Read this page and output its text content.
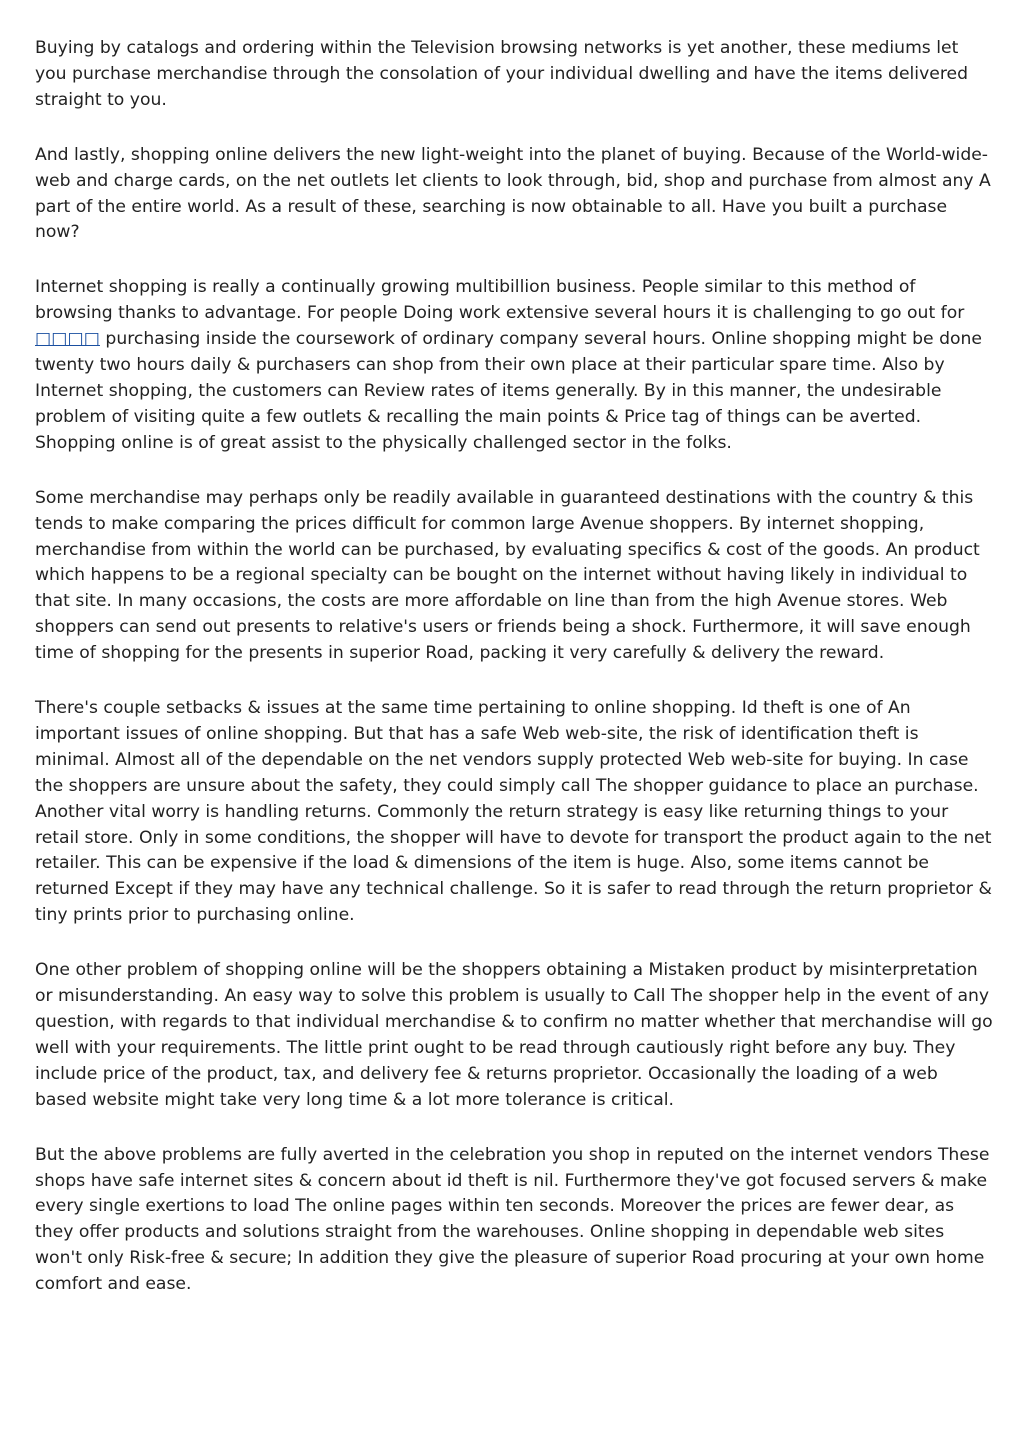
Buying by catalogs and ordering within the Television browsing networks is yet another, these mediums let you purchase merchandise through the consolation of your individual dwelling and have the items delivered straight to you.

And lastly, shopping online delivers the new light-weight into the planet of buying. Because of the World-wide-web and charge cards, on the net outlets let clients to look through, bid, shop and purchase from almost any A part of the entire world. As a result of these, searching is now obtainable to all. Have you built a purchase now?

Internet shopping is really a continually growing multibillion business. People similar to this method of browsing thanks to advantage. For people Doing work extensive several hours it is challenging to go out for □□□□ purchasing inside the coursework of ordinary company several hours. Online shopping might be done twenty two hours daily & purchasers can shop from their own place at their particular spare time. Also by Internet shopping, the customers can Review rates of items generally. By in this manner, the undesirable problem of visiting quite a few outlets & recalling the main points & Price tag of things can be averted. Shopping online is of great assist to the physically challenged sector in the folks.

Some merchandise may perhaps only be readily available in guaranteed destinations with the country & this tends to make comparing the prices difficult for common large Avenue shoppers. By internet shopping, merchandise from within the world can be purchased, by evaluating specifics & cost of the goods. An product which happens to be a regional specialty can be bought on the internet without having likely in individual to that site. In many occasions, the costs are more affordable on line than from the high Avenue stores. Web shoppers can send out presents to relative's users or friends being a shock. Furthermore, it will save enough time of shopping for the presents in superior Road, packing it very carefully & delivery the reward.

There's couple setbacks & issues at the same time pertaining to online shopping. Id theft is one of An important issues of online shopping. But that has a safe Web web-site, the risk of identification theft is minimal. Almost all of the dependable on the net vendors supply protected Web web-site for buying. In case the shoppers are unsure about the safety, they could simply call The shopper guidance to place an purchase. Another vital worry is handling returns. Commonly the return strategy is easy like returning things to your retail store. Only in some conditions, the shopper will have to devote for transport the product again to the net retailer. This can be expensive if the load & dimensions of the item is huge. Also, some items cannot be returned Except if they may have any technical challenge. So it is safer to read through the return proprietor & tiny prints prior to purchasing online.

One other problem of shopping online will be the shoppers obtaining a Mistaken product by misinterpretation or misunderstanding. An easy way to solve this problem is usually to Call The shopper help in the event of any question, with regards to that individual merchandise & to confirm no matter whether that merchandise will go well with your requirements. The little print ought to be read through cautiously right before any buy. They include price of the product, tax, and delivery fee & returns proprietor. Occasionally the loading of a web based website might take very long time & a lot more tolerance is critical.

But the above problems are fully averted in the celebration you shop in reputed on the internet vendors These shops have safe internet sites & concern about id theft is nil. Furthermore they've got focused servers & make every single exertions to load The online pages within ten seconds. Moreover the prices are fewer dear, as they offer products and solutions straight from the warehouses. Online shopping in dependable web sites won't only Risk-free & secure; In addition they give the pleasure of superior Road procuring at your own home comfort and ease.
